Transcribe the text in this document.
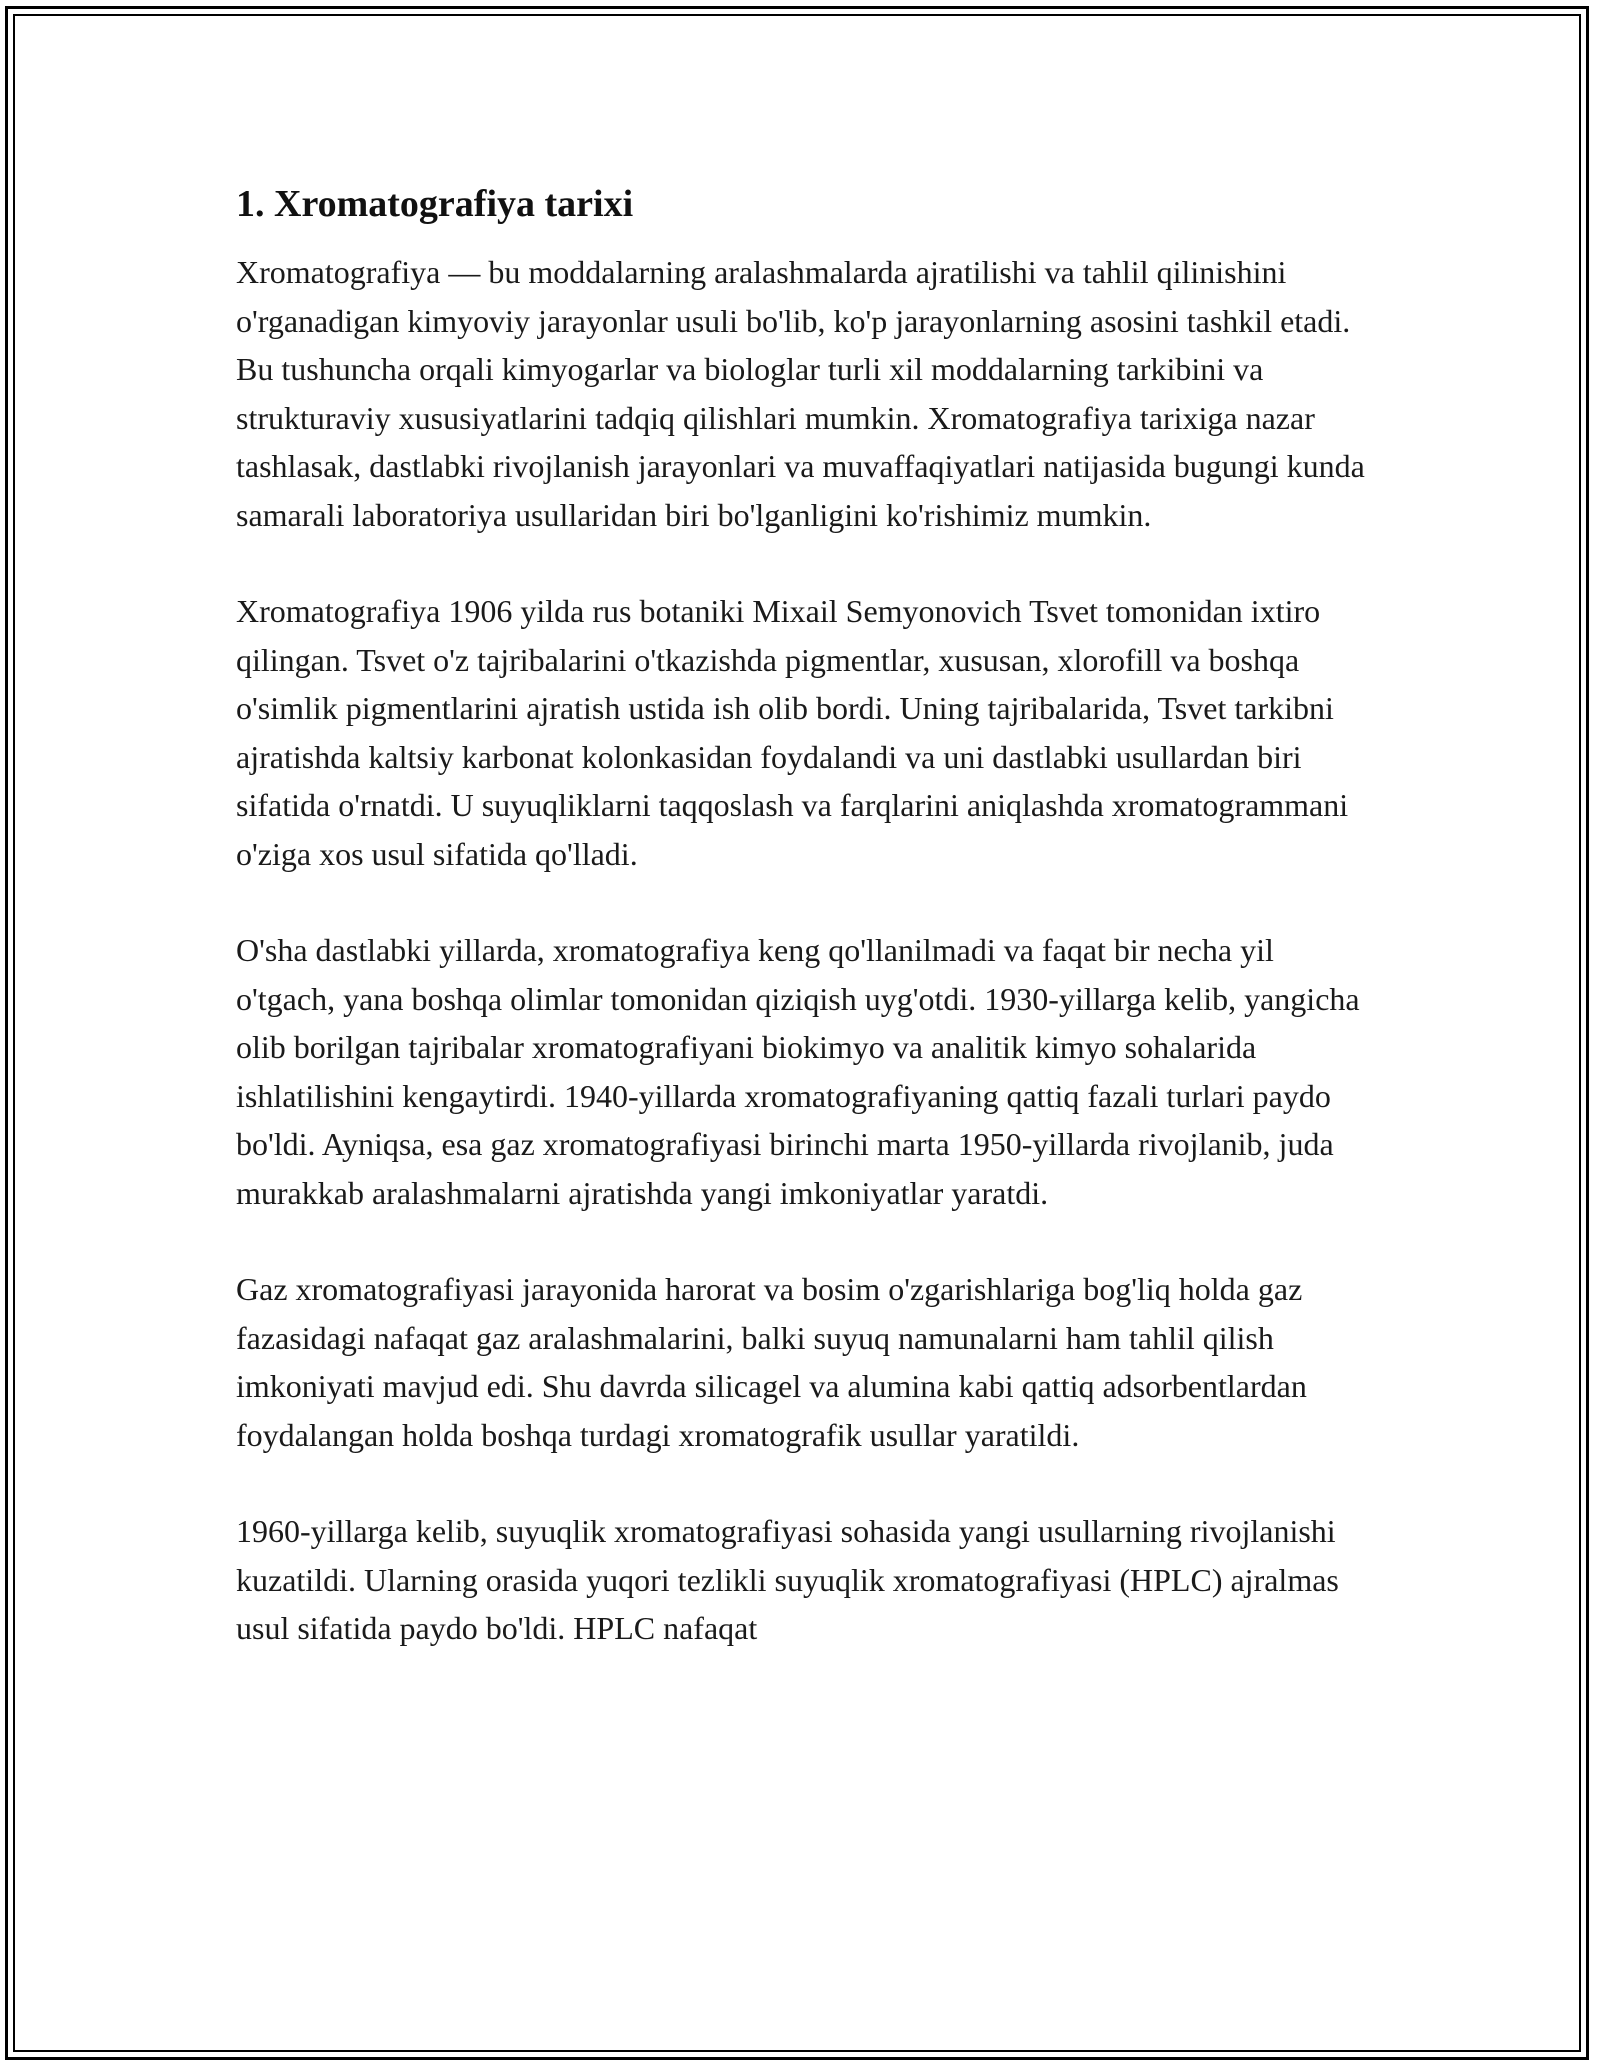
1. Xromatografiya tarixi

Xromatografiya — bu moddalarning aralashmalarda ajratilishi va tahlil qilinishini o'rganadigan kimyoviy jarayonlar usuli bo'lib, ko'p jarayonlarning asosini tashkil etadi. Bu tushuncha orqali kimyogarlar va biologlar turli xil moddalarning tarkibini va strukturaviy xususiyatlarini tadqiq qilishlari mumkin. Xromatografiya tarixiga nazar tashlasak, dastlabki rivojlanish jarayonlari va muvaffaqiyatlari natijasida bugungi kunda samarali laboratoriya usullaridan biri bo'lganligini ko'rishimiz mumkin.

Xromatografiya 1906 yilda rus botaniki Mixail Semyonovich Tsvet tomonidan ixtiro qilingan. Tsvet o'z tajribalarini o'tkazishda pigmentlar, xususan, xlorofill va boshqa o'simlik pigmentlarini ajratish ustida ish olib bordi. Uning tajribalarida, Tsvet tarkibni ajratishda kaltsiy karbonat kolonkasidan foydalandi va uni dastlabki usullardan biri sifatida o'rnatdi. U suyuqliklarni taqqoslash va farqlarini aniqlashda xromatogrammani o'ziga xos usul sifatida qo'lladi.

O'sha dastlabki yillarda, xromatografiya keng qo'llanilmadi va faqat bir necha yil o'tgach, yana boshqa olimlar tomonidan qiziqish uyg'otdi. 1930-yillarga kelib, yangicha olib borilgan tajribalar xromatografiyani biokimyo va analitik kimyo sohalarida ishlatilishini kengaytirdi. 1940-yillarda xromatografiyaning qattiq fazali turlari paydo bo'ldi. Ayniqsa, esa gaz xromatografiyasi birinchi marta 1950-yillarda rivojlanib, juda murakkab aralashmalarni ajratishda yangi imkoniyatlar yaratdi.

Gaz xromatografiyasi jarayonida harorat va bosim o'zgarishlariga bog'liq holda gaz fazasidagi nafaqat gaz aralashmalarini, balki suyuq namunalarni ham tahlil qilish imkoniyati mavjud edi. Shu davrda silicagel va alumina kabi qattiq adsorbentlardan foydalangan holda boshqa turdagi xromatografik usullar yaratildi.

1960-yillarga kelib, suyuqlik xromatografiyasi sohasida yangi usullarning rivojlanishi kuzatildi. Ularning orasida yuqori tezlikli suyuqlik xromatografiyasi (HPLC) ajralmas usul sifatida paydo bo'ldi. HPLC nafaqat
